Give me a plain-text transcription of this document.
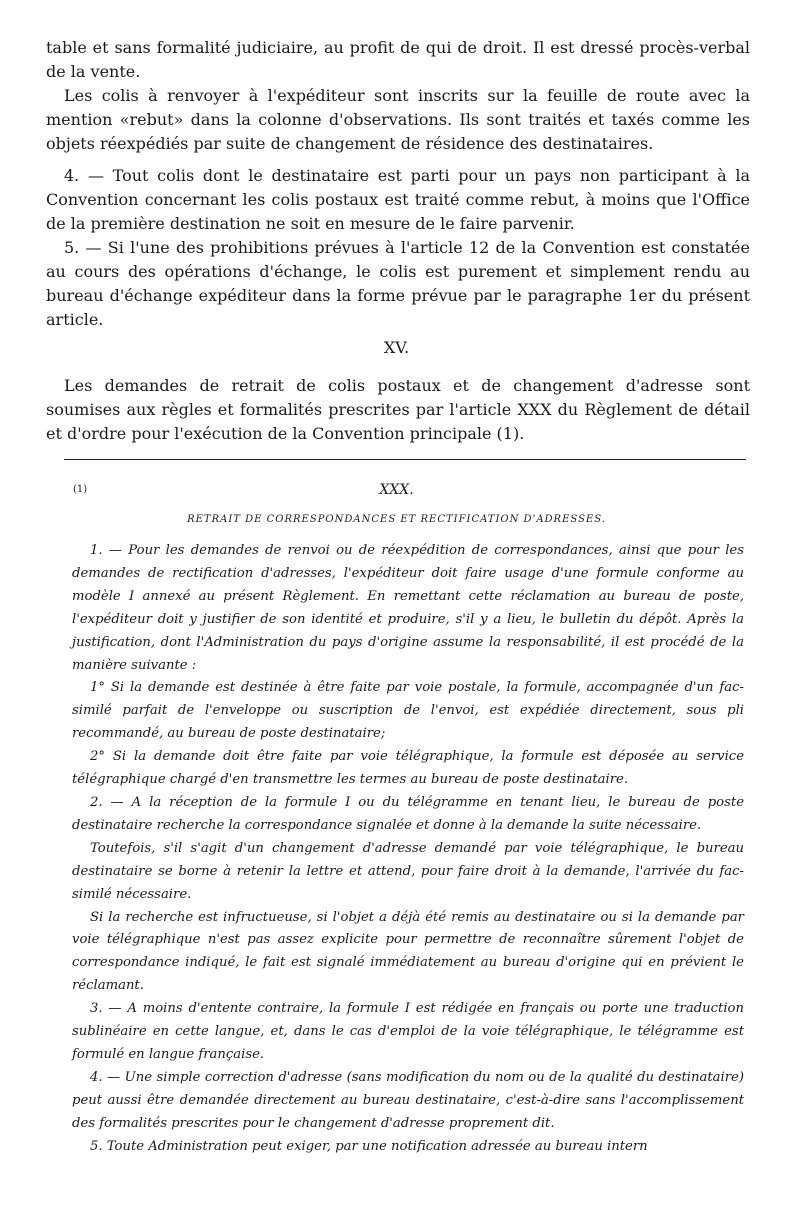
table et sans formalité judiciaire, au profit de qui de droit. Il est dressé procès-verbal de la vente.

Les colis à renvoyer à l'expéditeur sont inscrits sur la feuille de route avec la mention «rebut» dans la colonne d'observations. Ils sont traités et taxés comme les objets réexpédiés par suite de changement de résidence des destinataires.

4. — Tout colis dont le destinataire est parti pour un pays non participant à la Convention concernant les colis postaux est traité comme rebut, à moins que l'Office de la première destination ne soit en mesure de le faire parvenir.

5. — Si l'une des prohibitions prévues à l'article 12 de la Convention est constatée au cours des opérations d'échange, le colis est purement et simplement rendu au bureau d'échange expéditeur dans la forme prévue par le paragraphe 1er du présent article.

XV.

Les demandes de retrait de colis postaux et de changement d'adresse sont soumises aux règles et formalités prescrites par l'article XXX du Règlement de détail et d'ordre pour l'exécution de la Convention principale (1).

(1)	XXX.
RETRAIT DE CORRESPONDANCES ET RECTIFICATION D'ADRESSES.

1. — Pour les demandes de renvoi ou de réexpédition de correspondances, ainsi que pour les demandes de rectification d'adresses, l'expéditeur doit faire usage d'une formule conforme au modèle I annexé au présent Règlement. En remettant cette réclamation au bureau de poste, l'expéditeur doit y justifier de son identité et produire, s'il y a lieu, le bulletin du dépôt. Après la justification, dont l'Administration du pays d'origine assume la responsabilité, il est procédé de la manière suivante :

1° Si la demande est destinée à être faite par voie postale, la formule, accompagnée d'un fac-similé parfait de l'enveloppe ou suscription de l'envoi, est expédiée directement, sous pli recommandé, au bureau de poste destinataire;

2° Si la demande doit être faite par voie télégraphique, la formule est déposée au service télégraphique chargé d'en transmettre les termes au bureau de poste destinataire.

2. — A la réception de la formule I ou du télégramme en tenant lieu, le bureau de poste destinataire recherche la correspondance signalée et donne à la demande la suite nécessaire.

Toutefois, s'il s'agit d'un changement d'adresse demandé par voie télégraphique, le bureau destinataire se borne à retenir la lettre et attend, pour faire droit à la demande, l'arrivée du fac-similé nécessaire.

Si la recherche est infructueuse, si l'objet a déjà été remis au destinataire ou si la demande par voie télégraphique n'est pas assez explicite pour permettre de reconnaître sûrement l'objet de correspondance indiqué, le fait est signalé immédiatement au bureau d'origine qui en prévient le réclamant.

3. — A moins d'entente contraire, la formule I est rédigée en français ou porte une traduction sublinéaire en cette langue, et, dans le cas d'emploi de la voie télégraphique, le télégramme est formulé en langue française.

4. — Une simple correction d'adresse (sans modification du nom ou de la qualité du destinataire) peut aussi être demandée directement au bureau destinataire, c'est-à-dire sans l'accomplissement des formalités prescrites pour le changement d'adresse proprement dit.

5. Toute Administration peut exiger, par une notification adressée au bureau intern
